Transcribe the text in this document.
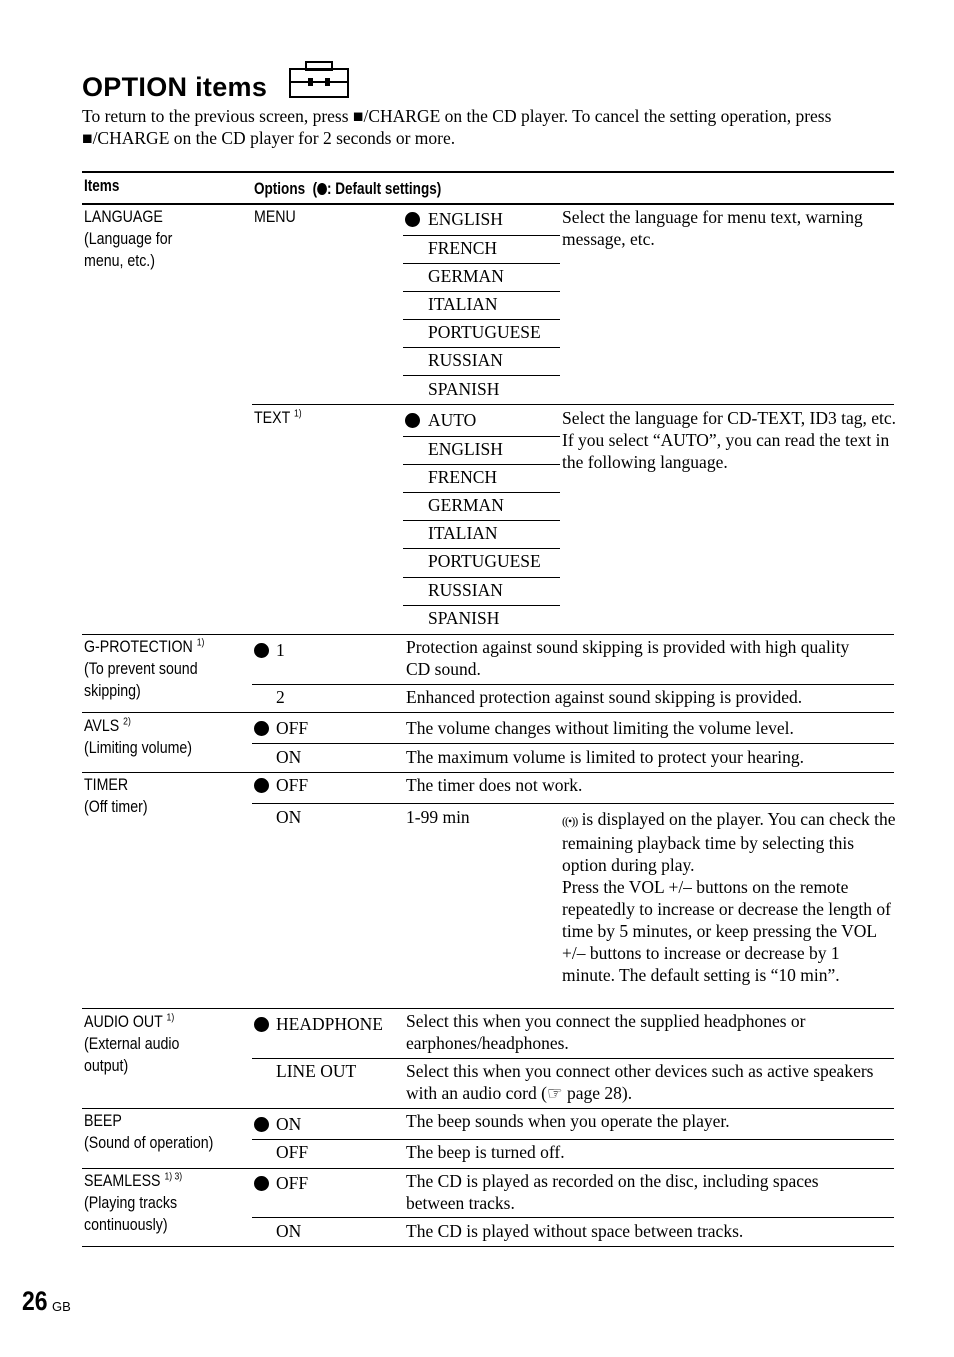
OPTION items
To return to the previous screen, press ■/CHARGE on the CD player. To cancel the setting operation, press ■/CHARGE on the CD player for 2 seconds or more.
Items	Options ( : Default settings)
LANGUAGE
(Language for
menu, etc.)
MENU	ENGLISH
FRENCH
GERMAN
ITALIAN
PORTUGUESE
RUSSIAN
SPANISH
Select the language for menu text, warning message, etc.
TEXT $^{1)}$	AUTO
ENGLISH
FRENCH
GERMAN
ITALIAN
PORTUGUESE
RUSSIAN
SPANISH
Select the language for CD-TEXT, ID3 tag, etc.
If you select “AUTO”, you can read the text in the following language.
G-PROTECTION $^{1)}$
(To prevent sound
skipping)
1	Protection against sound skipping is provided with high quality CD sound.
2	Enhanced protection against sound skipping is provided.
AVLS $^{2)}$
(Limiting volume)
OFF	The volume changes without limiting the volume level.
ON	The maximum volume is limited to protect your hearing.
TIMER
(Off timer)
OFF	The timer does not work.
ON	1-99 min	((•)) is displayed on the player. You can check the remaining playback time by selecting this option during play.
Press the VOL +/– buttons on the remote repeatedly to increase or decrease the length of time by 5 minutes, or keep pressing the VOL +/– buttons to increase or decrease by 1 minute. The default setting is “10 min”.
AUDIO OUT $^{1)}$
(External audio
output)
HEADPHONE Select this when you connect the supplied headphones or earphones/headphones.
LINE OUT	Select this when you connect other devices such as active speakers with an audio cord (☞ page 28).
BEEP
(Sound of operation)
ON	The beep sounds when you operate the player.
OFF	The beep is turned off.
SEAMLESS $^{1) 3)}$
(Playing tracks
continuously)
OFF	The CD is played as recorded on the disc, including spaces between tracks.
ON	The CD is played without space between tracks.
26 GB
